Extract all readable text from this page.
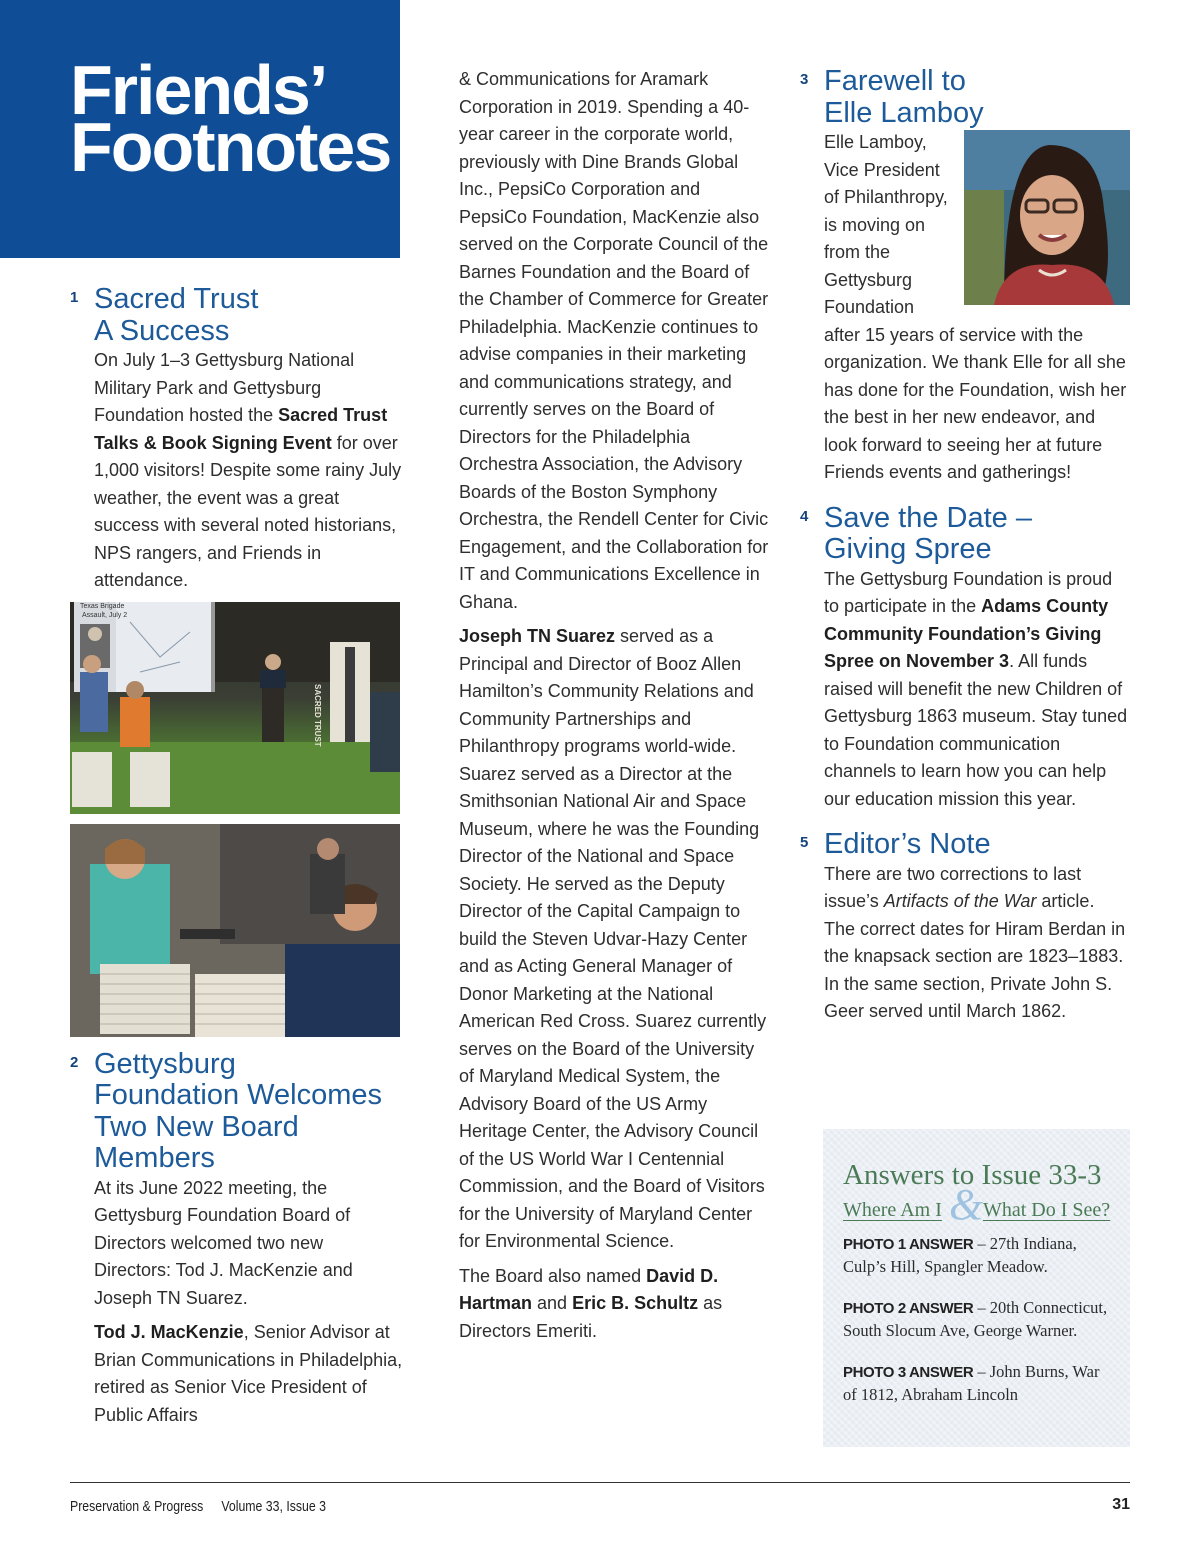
Friends’
Footnotes
1 Sacred Trust
A Success

On July 1–3 Gettysburg National Military Park and Gettysburg Foundation hosted the Sacred Trust Talks & Book Signing Event for over 1,000 visitors! Despite some rainy July weather, the event was a great success with several noted historians, NPS rangers, and Friends in attendance.

Texas Brigade
Assault, July 2
SACRED TRUST
2 Gettysburg
Foundation Welcomes
Two New Board
Members

At its June 2022 meeting, the Gettysburg Foundation Board of Directors welcomed two new Directors: Tod J. MacKenzie and Joseph TN Suarez.

Tod J. MacKenzie, Senior Advisor at Brian Communications in Philadelphia, retired as Senior Vice President of Public Affairs

& Communications for Aramark Corporation in 2019. Spending a 40-year career in the corporate world, previously with Dine Brands Global Inc., PepsiCo Corporation and PepsiCo Foundation, MacKenzie also served on the Corporate Council of the Barnes Foundation and the Board of the Chamber of Commerce for Greater Philadelphia. MacKenzie continues to advise companies in their marketing and communications strategy, and currently serves on the Board of Directors for the Philadelphia Orchestra Association, the Advisory Boards of the Boston Symphony Orchestra, the Rendell Center for Civic Engagement, and the Collaboration for IT and Communications Excellence in Ghana.

Joseph TN Suarez served as a Principal and Director of Booz Allen Hamilton’s Community Relations and Community Partnerships and Philanthropy programs world-wide. Suarez served as a Director at the Smithsonian National Air and Space Museum, where he was the Founding Director of the National and Space Society. He served as the Deputy Director of the Capital Campaign to build the Steven Udvar-Hazy Center and as Acting General Manager of Donor Marketing at the National American Red Cross. Suarez currently serves on the Board of the University of Maryland Medical System, the Advisory Board of the US Army Heritage Center, the Advisory Council of the US World War I Centennial Commission, and the Board of Visitors for the University of Maryland Center for Environmental Science.

The Board also named David D. Hartman and Eric B. Schultz as Directors Emeriti.

3 Farewell to
Elle Lamboy

Elle Lamboy, Vice President of Philanthropy, is moving on from the Gettysburg Foundation after 15 years of service with the organization. We thank Elle for all she has done for the Foundation, wish her the best in her new endeavor, and look forward to seeing her at future Friends events and gatherings!

4 Save the Date –
Giving Spree

The Gettysburg Foundation is proud to participate in the Adams County Community Foundation’s Giving Spree on November 3. All funds raised will benefit the new Children of Gettysburg 1863 museum. Stay tuned to Foundation communication channels to learn how you can help our education mission this year.

5 Editor’s Note

There are two corrections to last issue’s Artifacts of the War article. The correct dates for Hiram Berdan in the knapsack section are 1823–1883. In the same section, Private John S. Geer served until March 1862.

Answers to Issue 33-3
Where Am I & What Do I See?
PHOTO 1 ANSWER – 27th Indiana, Culp’s Hill, Spangler Meadow.
PHOTO 2 ANSWER – 20th Connecticut, South Slocum Ave, George Warner.
PHOTO 3 ANSWER – John Burns, War of 1812, Abraham Lincoln
Preservation & Progress Volume 33, Issue 3	31
